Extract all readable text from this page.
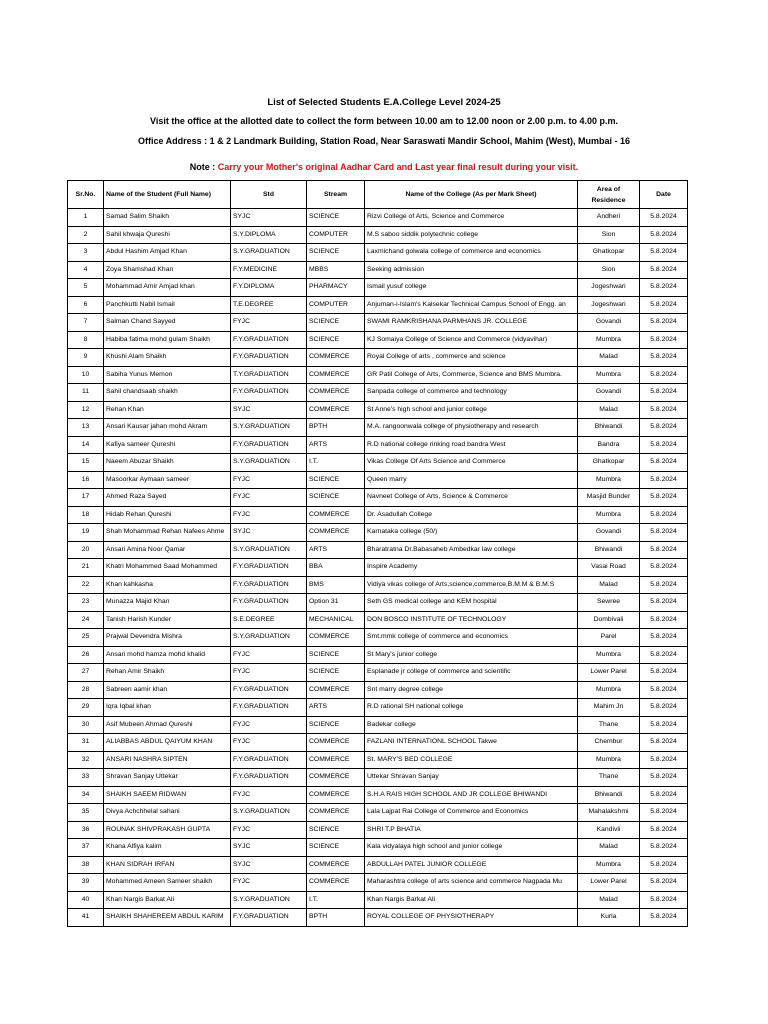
List of Selected Students E.A.College Level 2024-25
Visit the office at the allotted date to collect the form between 10.00 am to 12.00 noon or 2.00 p.m. to 4.00 p.m.
Office Address : 1 & 2 Landmark Building, Station Road, Near Saraswati Mandir School, Mahim (West), Mumbai - 16
Note : Carry your Mother's original Aadhar Card and Last year final result during your visit.
Sr.No.	Name of the Student (Full Name)	Std	Stream	Name of the College (As per Mark Sheet)	Area of Residence	Date
1	Samad Salim Shaikh	SYJC	SCIENCE	Rizvi College of Arts, Science and Commerce	Andheri	5.8.2024
2	Sahil khwaja Qureshi	S.Y.DIPLOMA	COMPUTER	M.S saboo siddik polytechnic college	Sion	5.8.2024
3	Abdul Hashim Amjad Khan	S.Y.GRADUATION	SCIENCE	Laxmichand golwala college of commerce and economics	Ghatkopar	5.8.2024
4	Zoya Shamshad Khan	F.Y.MEDICINE	MBBS	Seeking admission	Sion	5.8.2024
5	Mohammad Amir Amjad khan	F.Y.DIPLOMA	PHARMACY	Ismail yusuf college	Jogeshwari	5.8.2024
6	Panchkutti Nabil Ismail	T.E.DEGREE	COMPUTER	Anjuman-i-Islam's Kalsekar Technical Campus School of Engg. an	Jogeshwari	5.8.2024
7	Salman Chand Sayyed	FYJC	SCIENCE	SWAMI RAMKRISHANA PARMHANS JR. COLLEGE	Govandi	5.8.2024
8	Habiba fatima mohd gulam Shaikh	F.Y.GRADUATION	SCIENCE	KJ Somaiya College of Science and Commerce (vidyavihar)	Mumbra	5.8.2024
9	Khushi Alam Shaikh	F.Y.GRADUATION	COMMERCE	Royal College of arts , commerce and science	Malad	5.8.2024
10	Sabiha Yunus Memon	T.Y.GRADUATION	COMMERCE	GR Patil College of Arts, Commerce, Science and BMS Mumbra.	Mumbra	5.8.2024
11	Sahil chandsaab shaikh	F.Y.GRADUATION	COMMERCE	Sanpada college of commerce and technology	Govandi	5.8.2024
12	Rehan Khan	SYJC	COMMERCE	St Anne's high school and junior college	Malad	5.8.2024
13	Ansari Kausar jahan mohd Akram	S.Y.GRADUATION	BPTH	M.A. rangoonwala college of physiotherapy and research	Bhiwandi	5.8.2024
14	Kafiya sameer Qureshi	F.Y.GRADUATION	ARTS	R.D national college rinking road bandra West	Bandra	5.8.2024
15	Naeem Abuzar Shaikh	S.Y.GRADUATION	I.T.	Vikas College Of Arts Science and Commerce	Ghatkopar	5.8.2024
16	Masoorkar Aymaan sameer	FYJC	SCIENCE	Queen marry	Mumbra	5.8.2024
17	Ahmed Raza Sayed	FYJC	SCIENCE	Navneet College of Arts, Science & Commerce	Masjid Bunder	5.8.2024
18	Hidab Rehan Qureshi	FYJC	COMMERCE	Dr. Asadullah College	Mumbra	5.8.2024
19	Shah Mohammad Rehan Nafees Ahme	SYJC	COMMERCE	Karnataka college (50/)	Govandi	5.8.2024
20	Ansari Amina Noor Qamar	S.Y.GRADUATION	ARTS	Bharatratna Dr.Babasaheb Ambedkar law college	Bhiwandi	5.8.2024
21	Khatri Mohammed Saad Mohammed	F.Y.GRADUATION	BBA	Inspire Academy	Vasai Road	5.8.2024
22	Khan kahkasha	F.Y.GRADUATION	BMS	Vidiya vikas college of Arts,science,commerce,B.M.M & B.M.S	Malad	5.8.2024
23	Munazza Majid Khan	F.Y.GRADUATION	Option 31	Seth GS medical college and KEM hospital	Sewree	5.8.2024
24	Tanish Harish Kunder	S.E.DEGREE	MECHANICAL	DON BOSCO INSTITUTE OF TECHNOLOGY	Dombivali	5.8.2024
25	Prajwal Devendra Mishra	S.Y.GRADUATION	COMMERCE	Smt.mmk college of commerce and economics	Parel	5.8.2024
26	Ansari mohd hamza mohd khalid	FYJC	SCIENCE	St Mary's junior college	Mumbra	5.8.2024
27	Rehan Amir Shaikh	FYJC	SCIENCE	Esplanade jr college of commerce and scientific	Lower Parel	5.8.2024
28	Sabreen aamir khan	F.Y.GRADUATION	COMMERCE	Snt marry degree college	Mumbra	5.8.2024
29	Iqra Iqbal khan	F.Y.GRADUATION	ARTS	R.D rational SH national college	Mahim Jn	5.8.2024
30	Asif Mubeen Ahmad Qureshi	FYJC	SCIENCE	Badekar college	Thane	5.8.2024
31	ALIABBAS ABDUL QAIYUM KHAN	FYJC	COMMERCE	FAZLANI INTERNATIONL SCHOOL Takwe	Chembur	5.8.2024
32	ANSARI NASHRA SIPTEN	F.Y.GRADUATION	COMMERCE	St. MARY'S BED COLLEGE	Mumbra	5.8.2024
33	Shravan Sanjay Uttekar	F.Y.GRADUATION	COMMERCE	Uttekar Shravan Sanjay	Thane	5.8.2024
34	SHAIKH SAEEM RIDWAN	FYJC	COMMERCE	S.H.A RAIS HIGH SCHOOL AND JR COLLEGE BHIWANDI	Bhiwandi	5.8.2024
35	Divya Achchhelal sahani	S.Y.GRADUATION	COMMERCE	Lala Lajpat Rai College of Commerce and Economics	Mahalakshmi	5.8.2024
36	ROUNAK SHIVPRAKASH GUPTA	FYJC	SCIENCE	SHRI T.P BHATIA	Kandivli	5.8.2024
37	Khana Alfiya kalim	SYJC	SCIENCE	Kala vidyalaya high school and junior college	Malad	5.8.2024
38	KHAN SIDRAH IRFAN	SYJC	COMMERCE	ABDULLAH PATEL JUNIOR COLLEGE	Mumbra	5.8.2024
39	Mohammed Ameen Sameer shaikh	FYJC	COMMERCE	Maharashtra college of arts science and commerce Nagpada Mu	Lower Parel	5.8.2024
40	Khan Nargis Barkat Ali	S.Y.GRADUATION	I.T.	Khan Nargis Barkat Ali	Malad	5.8.2024
41	SHAIKH SHAHEREEM ABDUL KARIM	F.Y.GRADUATION	BPTH	ROYAL COLLEGE OF PHYSIOTHERAPY	Kurla	5.8.2024
